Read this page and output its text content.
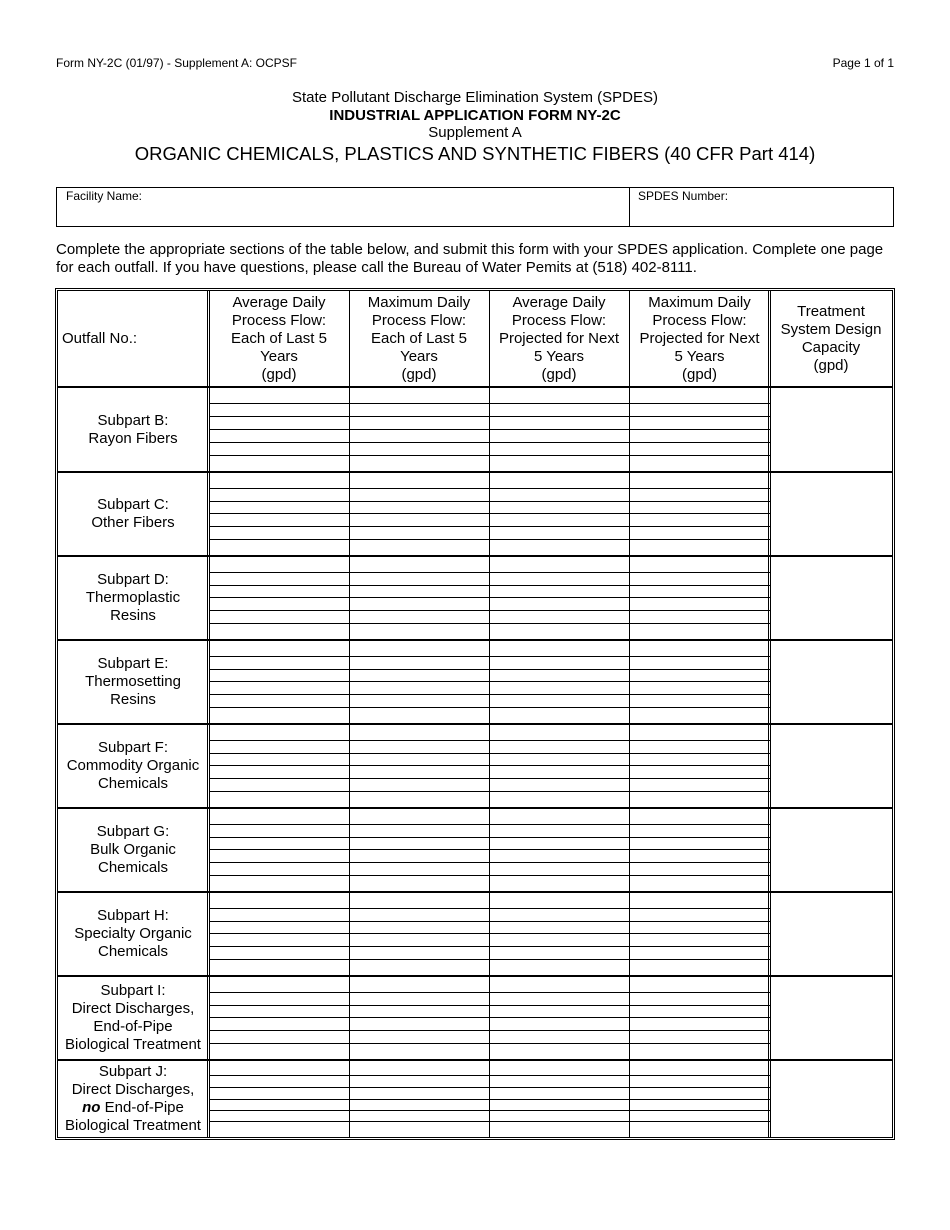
Form NY-2C (01/97) - Supplement A: OCPSF	Page 1 of 1
State Pollutant Discharge Elimination System (SPDES)
INDUSTRIAL APPLICATION FORM NY-2C
Supplement A
ORGANIC CHEMICALS, PLASTICS AND SYNTHETIC FIBERS (40 CFR Part 414)
Facility Name:	SPDES Number:
Complete the appropriate sections of the table below, and submit this form with your SPDES application. Complete one page for each outfall. If you have questions, please call the Bureau of Water Pemits at (518) 402-8111.
Outfall No.:
Average Daily
Process Flow:
Each of Last 5
Years
(gpd)
Maximum Daily
Process Flow:
Each of Last 5
Years
(gpd)
Average Daily
Process Flow:
Projected for Next
5 Years
(gpd)
Maximum Daily
Process Flow:
Projected for Next
5 Years
(gpd)
Treatment
System Design
Capacity
(gpd)
Subpart B:
Rayon Fibers
Subpart C:
Other Fibers
Subpart D:
Thermoplastic
Resins
Subpart E:
Thermosetting
Resins
Subpart F:
Commodity Organic
Chemicals
Subpart G:
Bulk Organic
Chemicals
Subpart H:
Specialty Organic
Chemicals
Subpart I:
Direct Discharges,
End-of-Pipe
Biological Treatment
Subpart J:
Direct Discharges,
no End-of-Pipe
Biological Treatment
